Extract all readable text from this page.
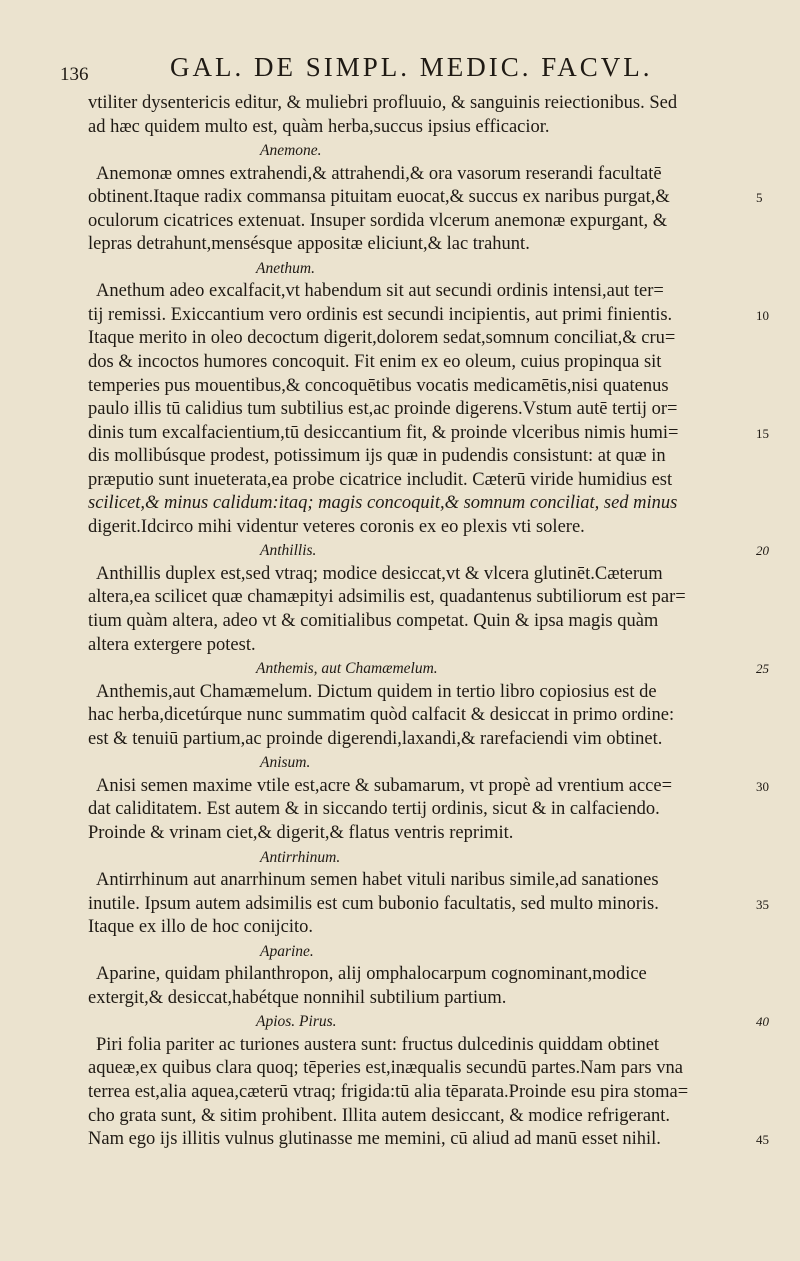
136	GAL. DE SIMPL. MEDIC. FACVL.
vtiliter dysentericis editur, & muliebri profluuio, & sanguinis reiectionibus. Sed
ad hæc quidem multo est, quàm herba,succus ipsius efficacior.
Anemone.
Anemonæ omnes extrahendi,& attrahendi,& ora vasorum reserandi facultatē
obtinent.Itaque radix commansa pituitam euocat,& succus ex naribus purgat,&	5
oculorum cicatrices extenuat. Insuper sordida vlcerum anemonæ expurgant, &
lepras detrahunt,mensésque appositæ eliciunt,& lac trahunt.
Anethum.
Anethum adeo excalfacit,vt habendum sit aut secundi ordinis intensi,aut ter=
tij remissi. Exiccantium vero ordinis est secundi incipientis, aut primi finientis.	10
Itaque merito in oleo decoctum digerit,dolorem sedat,somnum conciliat,& cru=
dos & incoctos humores concoquit. Fit enim ex eo oleum, cuius propinqua sit
temperies pus mouentibus,& concoquētibus vocatis medicamētis,nisi quatenus
paulo illis tū calidius tum subtilius est,ac proinde digerens.Vstum autē tertij or=
dinis tum excalfacientium,tū desiccantium fit, & proinde vlceribus nimis humi=	15
dis mollibúsque prodest, potissimum ijs quæ in pudendis consistunt: at quæ in
præputio sunt inueterata,ea probe cicatrice includit. Cæterū viride humidius est
scilicet,& minus calidum:itaq; magis concoquit,& somnum conciliat, sed minus
digerit.Idcirco mihi videntur veteres coronis ex eo plexis vti solere.
Anthillis.	20
Anthillis duplex est,sed vtraq; modice desiccat,vt & vlcera glutinēt.Cæterum
altera,ea scilicet quæ chamæpityi adsimilis est, quadantenus subtiliorum est par=
tium quàm altera, adeo vt & comitialibus competat. Quin & ipsa magis quàm
altera extergere potest.
Anthemis, aut Chamæmelum.	25
Anthemis,aut Chamæmelum. Dictum quidem in tertio libro copiosius est de
hac herba,dicetúrque nunc summatim quòd calfacit & desiccat in primo ordine:
est & tenuiū partium,ac proinde digerendi,laxandi,& rarefaciendi vim obtinet.
Anisum.
Anisi semen maxime vtile est,acre & subamarum, vt propè ad vrentium acce=	30
dat caliditatem. Est autem & in siccando tertij ordinis, sicut & in calfaciendo.
Proinde & vrinam ciet,& digerit,& flatus ventris reprimit.
Antirrhinum.
Antirrhinum aut anarrhinum semen habet vituli naribus simile,ad sanationes
inutile. Ipsum autem adsimilis est cum bubonio facultatis, sed multo minoris.	35
Itaque ex illo de hoc conijcito.
Aparine.
Aparine, quidam philanthropon, alij omphalocarpum cognominant,modice
extergit,& desiccat,habétque nonnihil subtilium partium.
Apios. Pirus.	40
Piri folia pariter ac turiones austera sunt: fructus dulcedinis quiddam obtinet
aqueæ,ex quibus clara quoq; tēperies est,inæqualis secundū partes.Nam pars vna
terrea est,alia aquea,cæterū vtraq; frigida:tū alia tēparata.Proinde esu pira stoma=
cho grata sunt, & sitim prohibent. Illita autem desiccant, & modice refrigerant.
Nam ego ijs illitis vulnus glutinasse me memini, cū aliud ad manū esset nihil.	45
